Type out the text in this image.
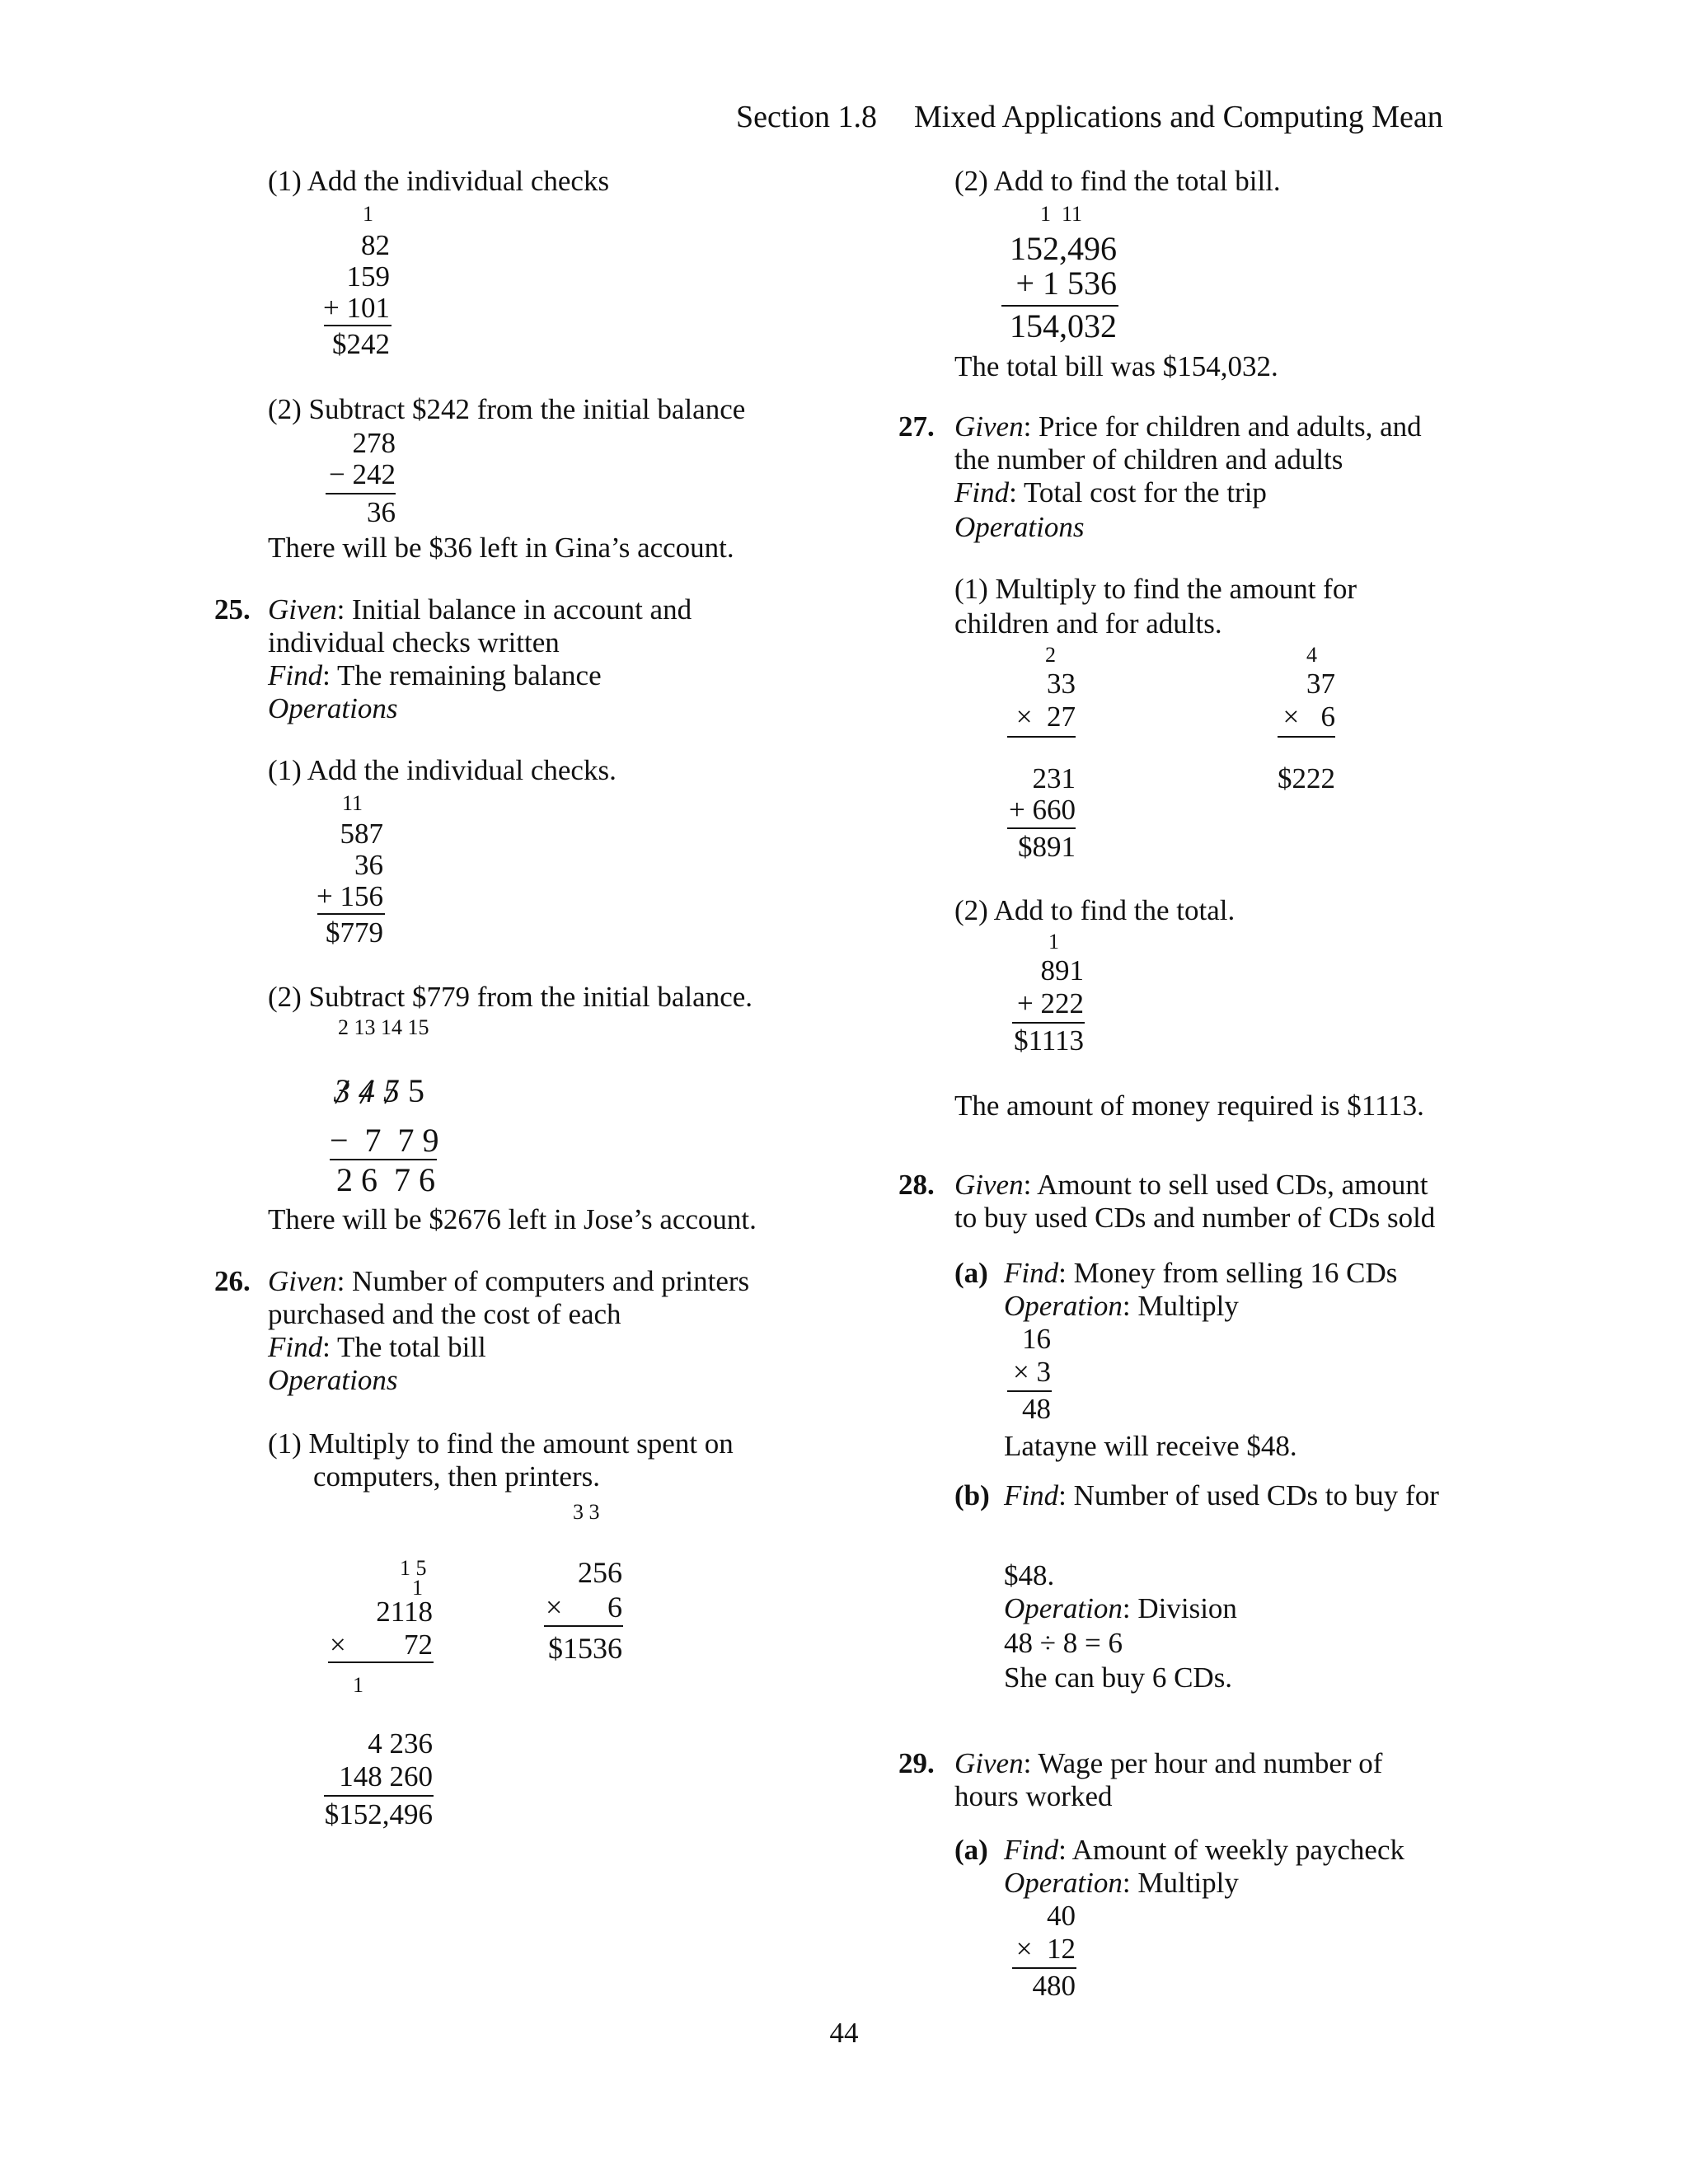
Section 1.8 Mixed Applications and Computing Mean
(1) Add the individual checks
1
82
159
+ 101
$242
(2) Subtract $242 from the initial balance
278
− 242
36
There will be $36 left in Gina’s account.
25. Given: Initial balance in account and
individual checks written
Find: The remaining balance
Operations
(1) Add the individual checks.
11
587
36
+ 156
$779
(2) Subtract $779 from the initial balance.
2 13 14 15
3 4 5 5
−  7  7 9
2 6  7 6
There will be $2676 left in Jose’s account.
26. Given: Number of computers and printers
purchased and the cost of each
Find: The total bill
Operations
(1) Multiply to find the amount spent on
computers, then printers.
3 3
1 5
1
2118
×	72
1
4 236
148 260
$152,496
256
×	6
$1536
(2) Add to find the total bill.
1  11
152,496
+ 1 536
154,032
The total bill was $154,032.
27. Given: Price for children and adults, and
the number of children and adults
Find: Total cost for the trip
Operations
(1) Multiply to find the amount for
children and for adults.
2
33
×  27
231
+ 660
$891
4
37
×   6
$222
(2) Add to find the total.
1
891
+ 222
$1113
The amount of money required is $1113.
28. Given: Amount to sell used CDs, amount
to buy used CDs and number of CDs sold
(a) Find: Money from selling 16 CDs
Operation: Multiply
16
× 3
48
Latayne will receive $48.
(b) Find: Number of used CDs to buy for
$48.
Operation: Division
48 ÷ 8 = 6
She can buy 6 CDs.
29. Given: Wage per hour and number of
hours worked
(a) Find: Amount of weekly paycheck
Operation: Multiply
40
×  12
480
44
